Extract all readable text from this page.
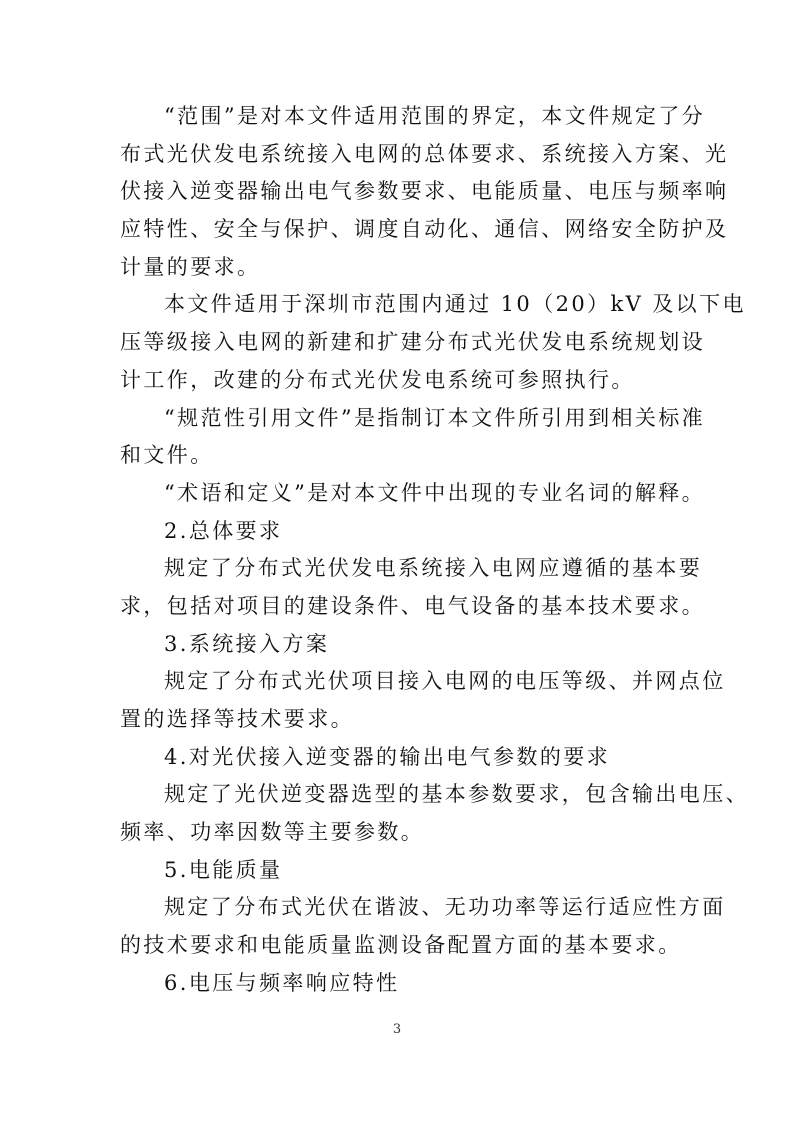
“范围”是对本文件适用范围的界定，本文件规定了分
布式光伏发电系统接入电网的总体要求、系统接入方案、光
伏接入逆变器输出电气参数要求、电能质量、电压与频率响
应特性、安全与保护、调度自动化、通信、网络安全防护及
计量的要求。
本文件适用于深圳市范围内通过 10（20）kV 及以下电
压等级接入电网的新建和扩建分布式光伏发电系统规划设
计工作，改建的分布式光伏发电系统可参照执行。
“规范性引用文件”是指制订本文件所引用到相关标准
和文件。
“术语和定义”是对本文件中出现的专业名词的解释。
2.总体要求
规定了分布式光伏发电系统接入电网应遵循的基本要
求，包括对项目的建设条件、电气设备的基本技术要求。
3.系统接入方案
规定了分布式光伏项目接入电网的电压等级、并网点位
置的选择等技术要求。
4.对光伏接入逆变器的输出电气参数的要求
规定了光伏逆变器选型的基本参数要求，包含输出电压、
频率、功率因数等主要参数。
5.电能质量
规定了分布式光伏在谐波、无功功率等运行适应性方面
的技术要求和电能质量监测设备配置方面的基本要求。
6.电压与频率响应特性
3
